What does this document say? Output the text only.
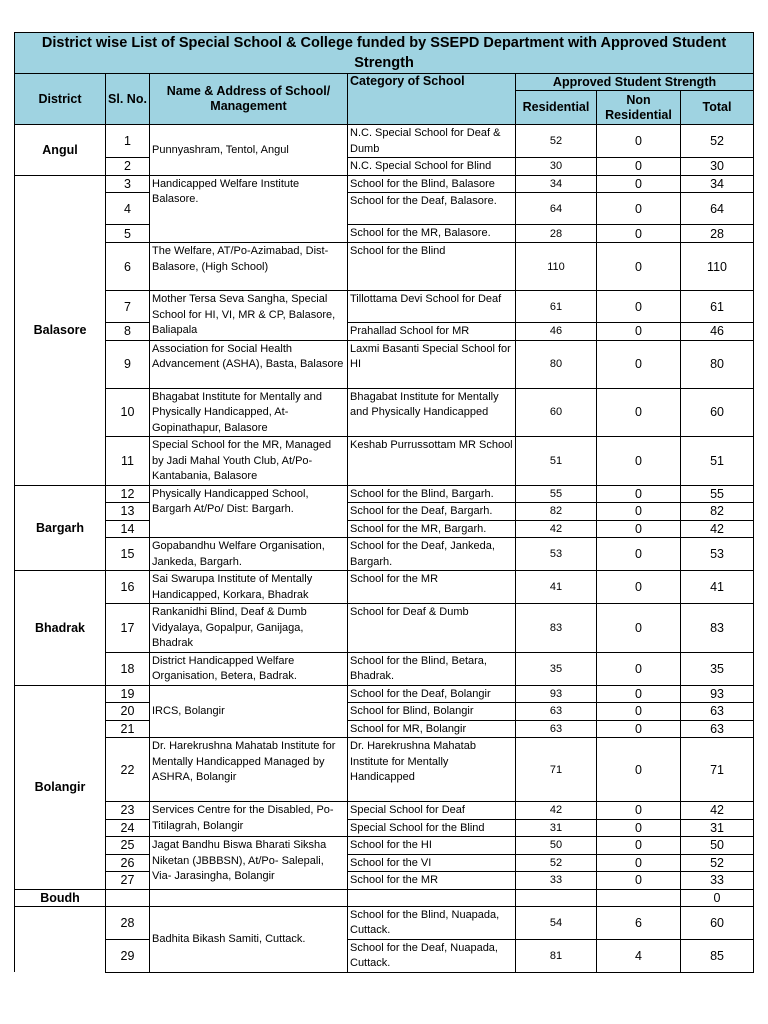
District wise List of Special School & College funded by SSEPD Department with Approved Student Strength						
District	Sl. No.	Name & Address of School/ Management	Category of School	Approved Student Strength		
				Residential	Non Residential	Total
Angul	1	Punnyashram, Tentol, Angul	N.C. Special School for Deaf & Dumb	52	0	52
	2		N.C. Special School for Blind	30	0	30
Balasore	3	Handicapped Welfare Institute Balasore.	School for the Blind, Balasore	34	0	34
	4		School for the Deaf, Balasore.	64	0	64
	5		School for the MR, Balasore.	28	0	28
	6	The Welfare, AT/Po-Azimabad, Dist-Balasore, (High School)	School for the Blind	110	0	110
	7	Mother Tersa Seva Sangha, Special School for HI, VI, MR & CP, Balasore, Baliapala	Tillottama Devi School for Deaf	61	0	61
	8		Prahallad School for MR	46	0	46
	9	Association for Social Health Advancement (ASHA), Basta, Balasore	Laxmi Basanti Special School for HI	80	0	80
	10	Bhagabat Institute for Mentally and Physically Handicapped, At-Gopinathapur, Balasore	Bhagabat Institute for Mentally and Physically Handicapped	60	0	60
	11	Special School for the MR, Managed by Jadi Mahal Youth Club, At/Po-Kantabania, Balasore	Keshab Purrussottam MR School	51	0	51
Bargarh	12	Physically Handicapped School, Bargarh At/Po/ Dist: Bargarh.	School for the Blind, Bargarh.	55	0	55
	13		School for the Deaf, Bargarh.	82	0	82
	14		School for the MR, Bargarh.	42	0	42
	15	Gopabandhu Welfare Organisation, Jankeda, Bargarh.	School for the Deaf, Jankeda, Bargarh.	53	0	53
Bhadrak	16	Sai Swarupa Institute of Mentally Handicapped, Korkara, Bhadrak	School for the MR	41	0	41
	17	Rankanidhi Blind, Deaf & Dumb Vidyalaya, Gopalpur, Ganijaga, Bhadrak	School for Deaf & Dumb	83	0	83
	18	District Handicapped Welfare Organisation, Betera, Badrak.	School for the Blind, Betara, Bhadrak.	35	0	35
Bolangir	19	IRCS, Bolangir	School for the Deaf, Bolangir	93	0	93
	20		School for Blind, Bolangir	63	0	63
	21		School for MR, Bolangir	63	0	63
	22	Dr. Harekrushna Mahatab Institute for Mentally Handicapped Managed by ASHRA, Bolangir	Dr. Harekrushna Mahatab Institute for Mentally Handicapped	71	0	71
	23	Services Centre for the Disabled, Po-Titilagrah, Bolangir	Special School for Deaf	42	0	42
	24		Special School for the Blind	31	0	31
	25	Jagat Bandhu Biswa Bharati Siksha Niketan (JBBBSN), At/Po- Salepali, Via- Jarasingha, Bolangir	School for the HI	50	0	50
	26		School for the VI	52	0	52
	27		School for the MR	33	0	33
Boudh						0
	28	Badhita Bikash Samiti, Cuttack.	School for the Blind, Nuapada, Cuttack.	54	6	60
	29		School for the Deaf, Nuapada, Cuttack.	81	4	85
